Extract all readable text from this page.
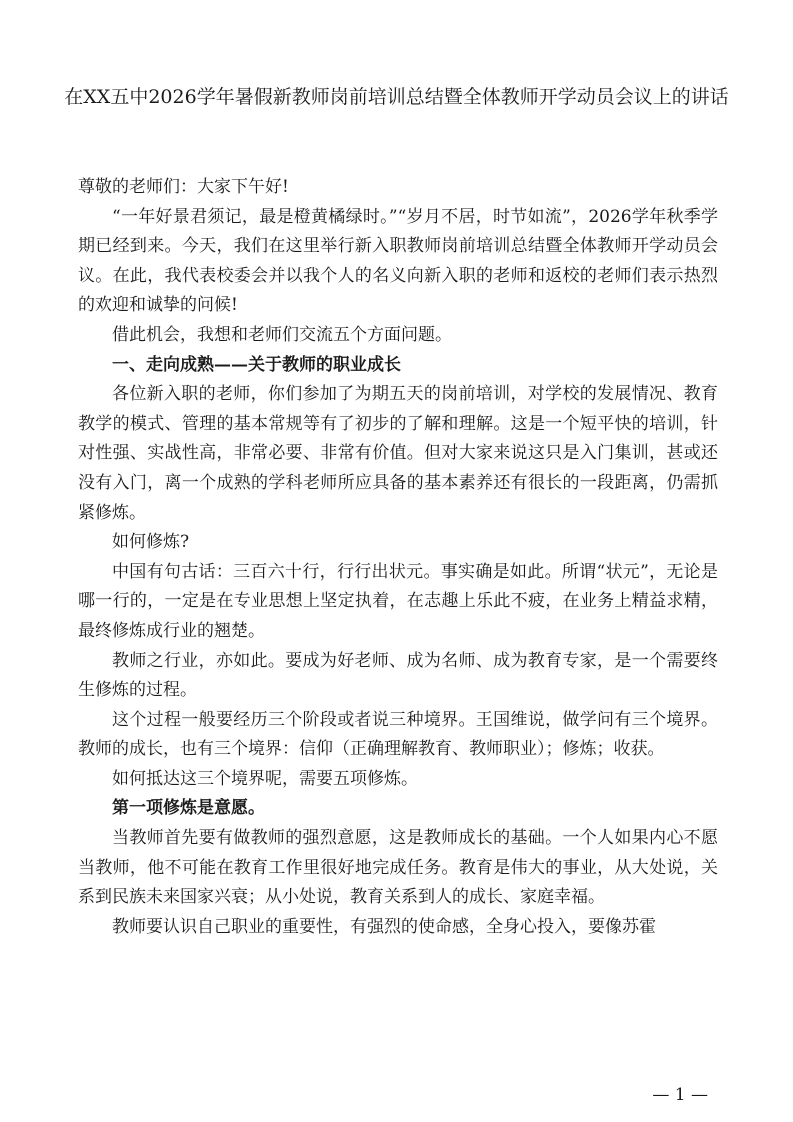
在XX五中2026学年暑假新教师岗前培训总结暨全体教师开学动员会议上的讲话

尊敬的老师们：大家下午好!

“一年好景君须记，最是橙黄橘绿时。”“岁月不居，时节如流”，2026学年秋季学期已经到来。今天，我们在这里举行新入职教师岗前培训总结暨全体教师开学动员会议。在此，我代表校委会并以我个人的名义向新入职的老师和返校的老师们表示热烈的欢迎和诚挚的问候!

借此机会，我想和老师们交流五个方面问题。

一、走向成熟——关于教师的职业成长

各位新入职的老师，你们参加了为期五天的岗前培训，对学校的发展情况、教育教学的模式、管理的基本常规等有了初步的了解和理解。这是一个短平快的培训，针对性强、实战性高，非常必要、非常有价值。但对大家来说这只是入门集训，甚或还没有入门，离一个成熟的学科老师所应具备的基本素养还有很长的一段距离，仍需抓紧修炼。

如何修炼?

中国有句古话：三百六十行，行行出状元。事实确是如此。所谓“状元”，无论是哪一行的，一定是在专业思想上坚定执着，在志趣上乐此不疲，在业务上精益求精，最终修炼成行业的翘楚。

教师之行业，亦如此。要成为好老师、成为名师、成为教育专家，是一个需要终生修炼的过程。

这个过程一般要经历三个阶段或者说三种境界。王国维说，做学问有三个境界。教师的成长，也有三个境界：信仰（正确理解教育、教师职业）；修炼；收获。

如何抵达这三个境界呢，需要五项修炼。

第一项修炼是意愿。

当教师首先要有做教师的强烈意愿，这是教师成长的基础。一个人如果内心不愿当教师，他不可能在教育工作里很好地完成任务。教育是伟大的事业，从大处说，关系到民族未来国家兴衰；从小处说，教育关系到人的成长、家庭幸福。

教师要认识自己职业的重要性，有强烈的使命感，全身心投入，要像苏霍

— 1 —
